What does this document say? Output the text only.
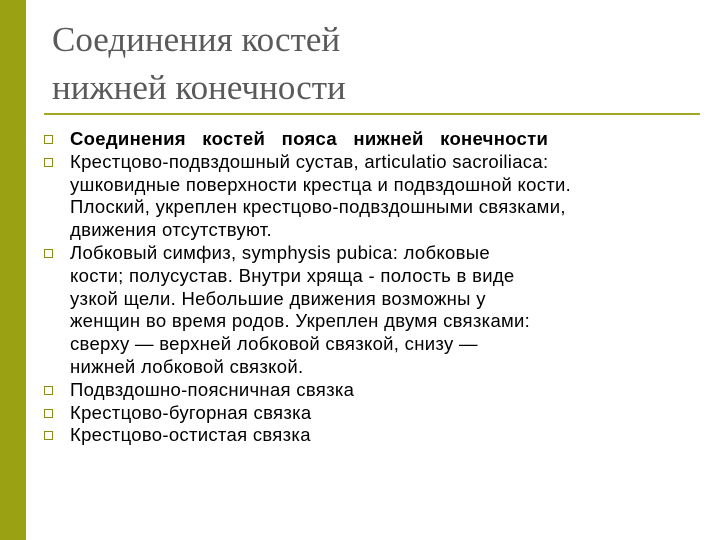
Соединения костей
нижней конечности
Соединения костей пояса нижней конечности
Крестцово-подвздошный сустав, articulatio sacroiliaca:
ушковидные поверхности крестца и подвздошной кости.
Плоский, укреплен крестцово-подвздошными связками,
движения отсутствуют.
Лобковый симфиз, symphysis pubica: лобковые
кости; полусустав. Внутри хряща - полость в виде
узкой щели. Небольшие движения возможны у
женщин во время родов. Укреплен двумя связками:
сверху — верхней лобковой связкой, снизу —
нижней лобковой связкой.
Подвздошно-поясничная связка
Крестцово-бугорная связка
Крестцово-остистая связка
